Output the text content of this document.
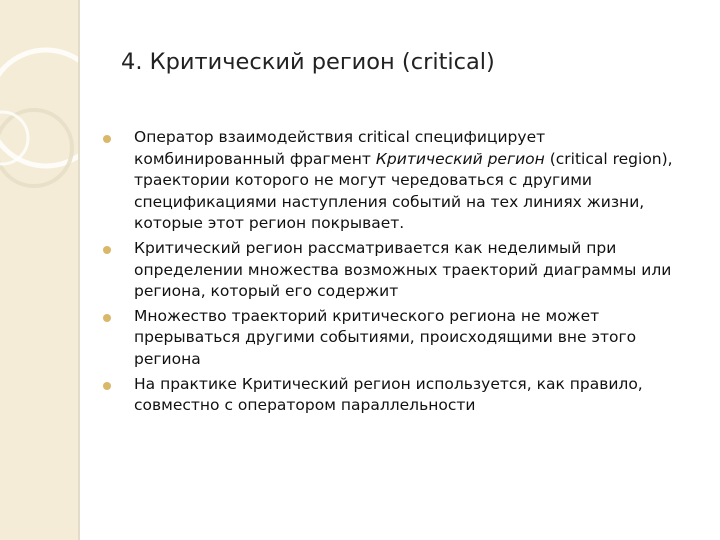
4. Критический регион (critical)
Оператор взаимодействия critical специфицирует
комбинированный фрагмент Критический регион (critical region),
траектории которого не могут чередоваться с другими
спецификациями наступления событий на тех линиях жизни,
которые этот регион покрывает.
Критический регион рассматривается как неделимый при
определении множества возможных траекторий диаграммы или
региона, который его содержит
Множество траекторий критического региона не может
прерываться другими событиями, происходящими вне этого
региона
На практике Критический регион используется, как правило,
совместно с оператором параллельности
